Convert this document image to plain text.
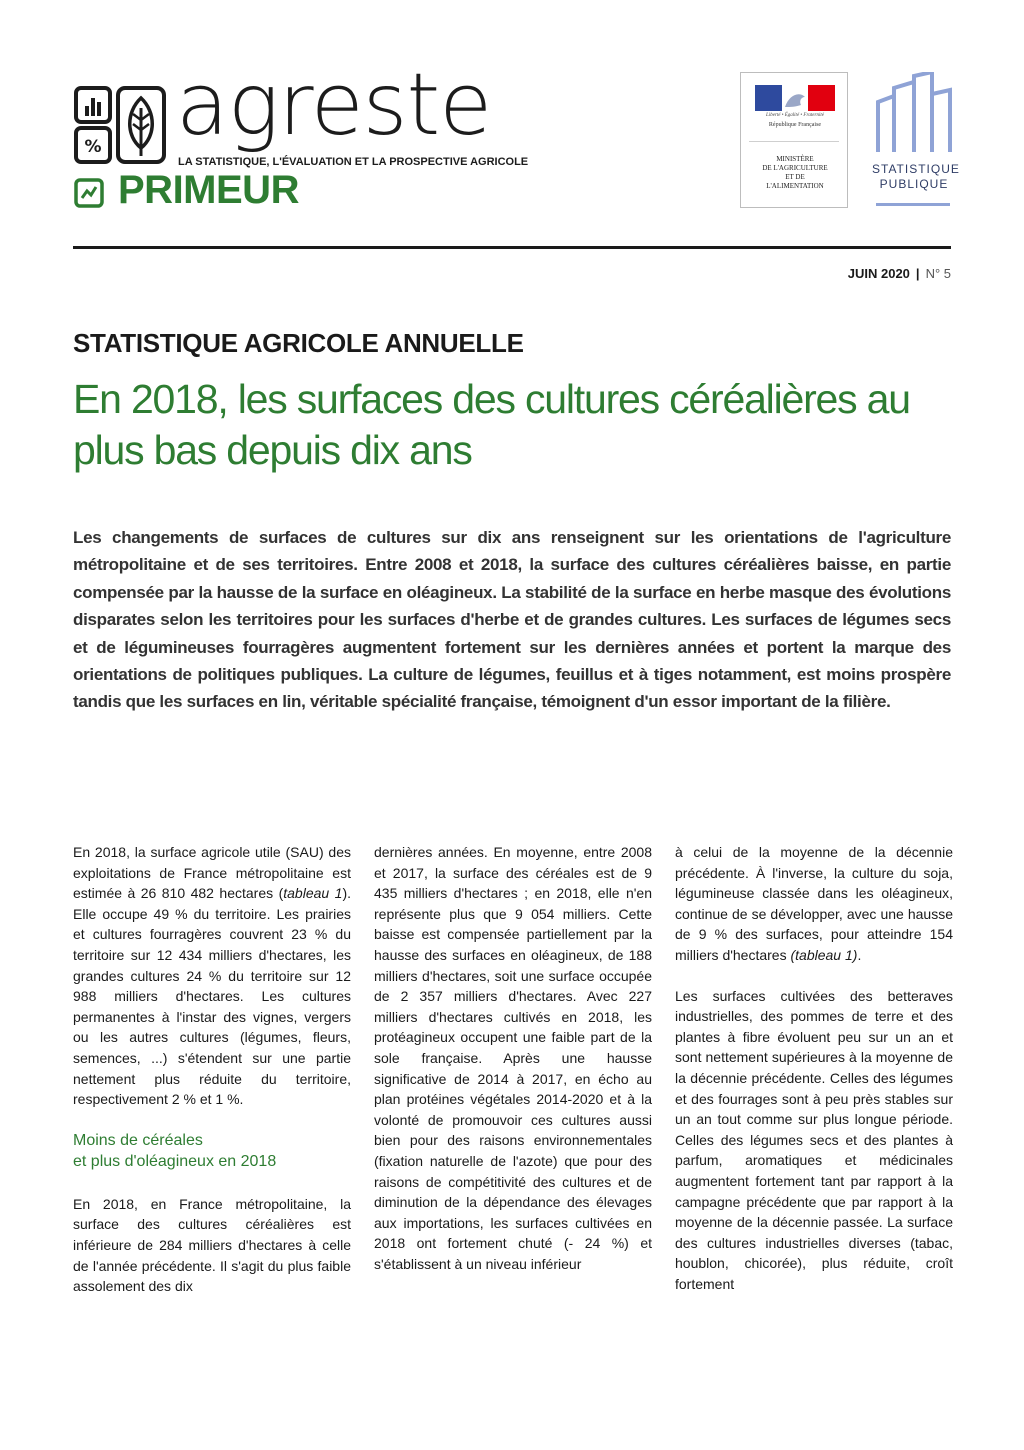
% agreste
LA STATISTIQUE, L'ÉVALUATION ET LA PROSPECTIVE AGRICOLE
PRIMEUR
Liberté • Égalité • Fraternité
République Française
MINISTÈRE
DE L'AGRICULTURE
ET DE
L'ALIMENTATION
STATISTIQUE
PUBLIQUE
JUIN 2020 | N° 5
STATISTIQUE AGRICOLE ANNUELLE
En 2018, les surfaces des cultures céréalières au plus bas depuis dix ans
Les changements de surfaces de cultures sur dix ans renseignent sur les orientations de l'agriculture métropolitaine et de ses territoires. Entre 2008 et 2018, la surface des cultures céréalières baisse, en partie compensée par la hausse de la surface en oléagineux. La stabilité de la surface en herbe masque des évolutions disparates selon les territoires pour les surfaces d'herbe et de grandes cultures. Les surfaces de légumes secs et de légumineuses fourragères augmentent fortement sur les dernières années et portent la marque des orientations de politiques publiques. La culture de légumes, feuillus et à tiges notamment, est moins prospère tandis que les surfaces en lin, véritable spécialité française, témoignent d'un essor important de la filière.

En 2018, la surface agricole utile (SAU) des exploitations de France métropolitaine est estimée à 26 810 482 hectares (tableau 1). Elle occupe 49 % du territoire. Les prairies et cultures fourragères couvrent 23 % du territoire sur 12 434 milliers d'hectares, les grandes cultures 24 % du territoire sur 12 988 milliers d'hectares. Les cultures permanentes à l'instar des vignes, vergers ou les autres cultures (légumes, fleurs, semences, ...) s'étendent sur une partie nettement plus réduite du territoire, respectivement 2 % et 1 %.

Moins de céréales
et plus d'oléagineux en 2018

En 2018, en France métropolitaine, la surface des cultures céréalières est inférieure de 284 milliers d'hectares à celle de l'année précédente. Il s'agit du plus faible assolement des dix

dernières années. En moyenne, entre 2008 et 2017, la surface des céréales est de 9 435 milliers d'hectares ; en 2018, elle n'en représente plus que 9 054 milliers. Cette baisse est compensée partiellement par la hausse des surfaces en oléagineux, de 188 milliers d'hectares, soit une surface occupée de 2 357 milliers d'hectares. Avec 227 milliers d'hectares cultivés en 2018, les protéagineux occupent une faible part de la sole française. Après une hausse significative de 2014 à 2017, en écho au plan protéines végétales 2014-2020 et à la volonté de promouvoir ces cultures aussi bien pour des raisons environnementales (fixation naturelle de l'azote) que pour des raisons de compétitivité des cultures et de diminution de la dépendance des élevages aux importations, les surfaces cultivées en 2018 ont fortement chuté (- 24 %) et s'établissent à un niveau inférieur

à celui de la moyenne de la décennie précédente. À l'inverse, la culture du soja, légumineuse classée dans les oléagineux, continue de se développer, avec une hausse de 9 % des surfaces, pour atteindre 154 milliers d'hectares (tableau 1).

Les surfaces cultivées des betteraves industrielles, des pommes de terre et des plantes à fibre évoluent peu sur un an et sont nettement supérieures à la moyenne de la décennie précédente. Celles des légumes et des fourrages sont à peu près stables sur un an tout comme sur plus longue période. Celles des légumes secs et des plantes à parfum, aromatiques et médicinales augmentent fortement tant par rapport à la campagne précédente que par rapport à la moyenne de la décennie passée. La surface des cultures industrielles diverses (tabac, houblon, chicorée), plus réduite, croît fortement
